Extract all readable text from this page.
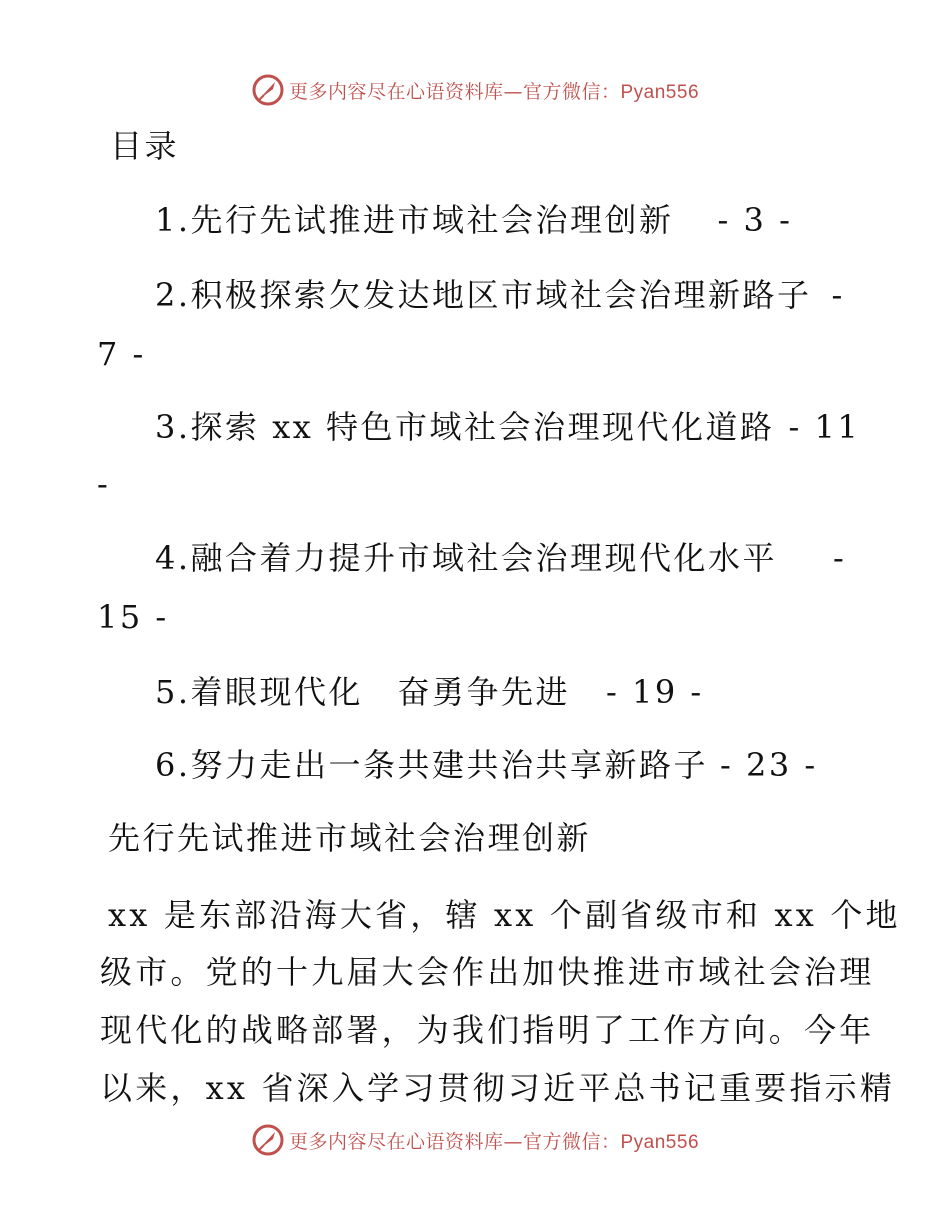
更多内容尽在心语资料库—官方微信：Pyan556
目录
1.先行先试推进市域社会治理创新 - 3 -
2.积极探索欠发达地区市域社会治理新路子 -
7 -
3.探索 xx 特色市域社会治理现代化道路 - 11
-
4.融合着力提升市域社会治理现代化水平 -
15 -
5.着眼现代化　奋勇争先进 - 19 -
6.努力走出一条共建共治共享新路子 - 23 -
先行先试推进市域社会治理创新
xx 是东部沿海大省，辖 xx 个副省级市和 xx 个地
级市。党的十九届大会作出加快推进市域社会治理
现代化的战略部署，为我们指明了工作方向。今年
以来，xx 省深入学习贯彻习近平总书记重要指示精
更多内容尽在心语资料库—官方微信：Pyan556
